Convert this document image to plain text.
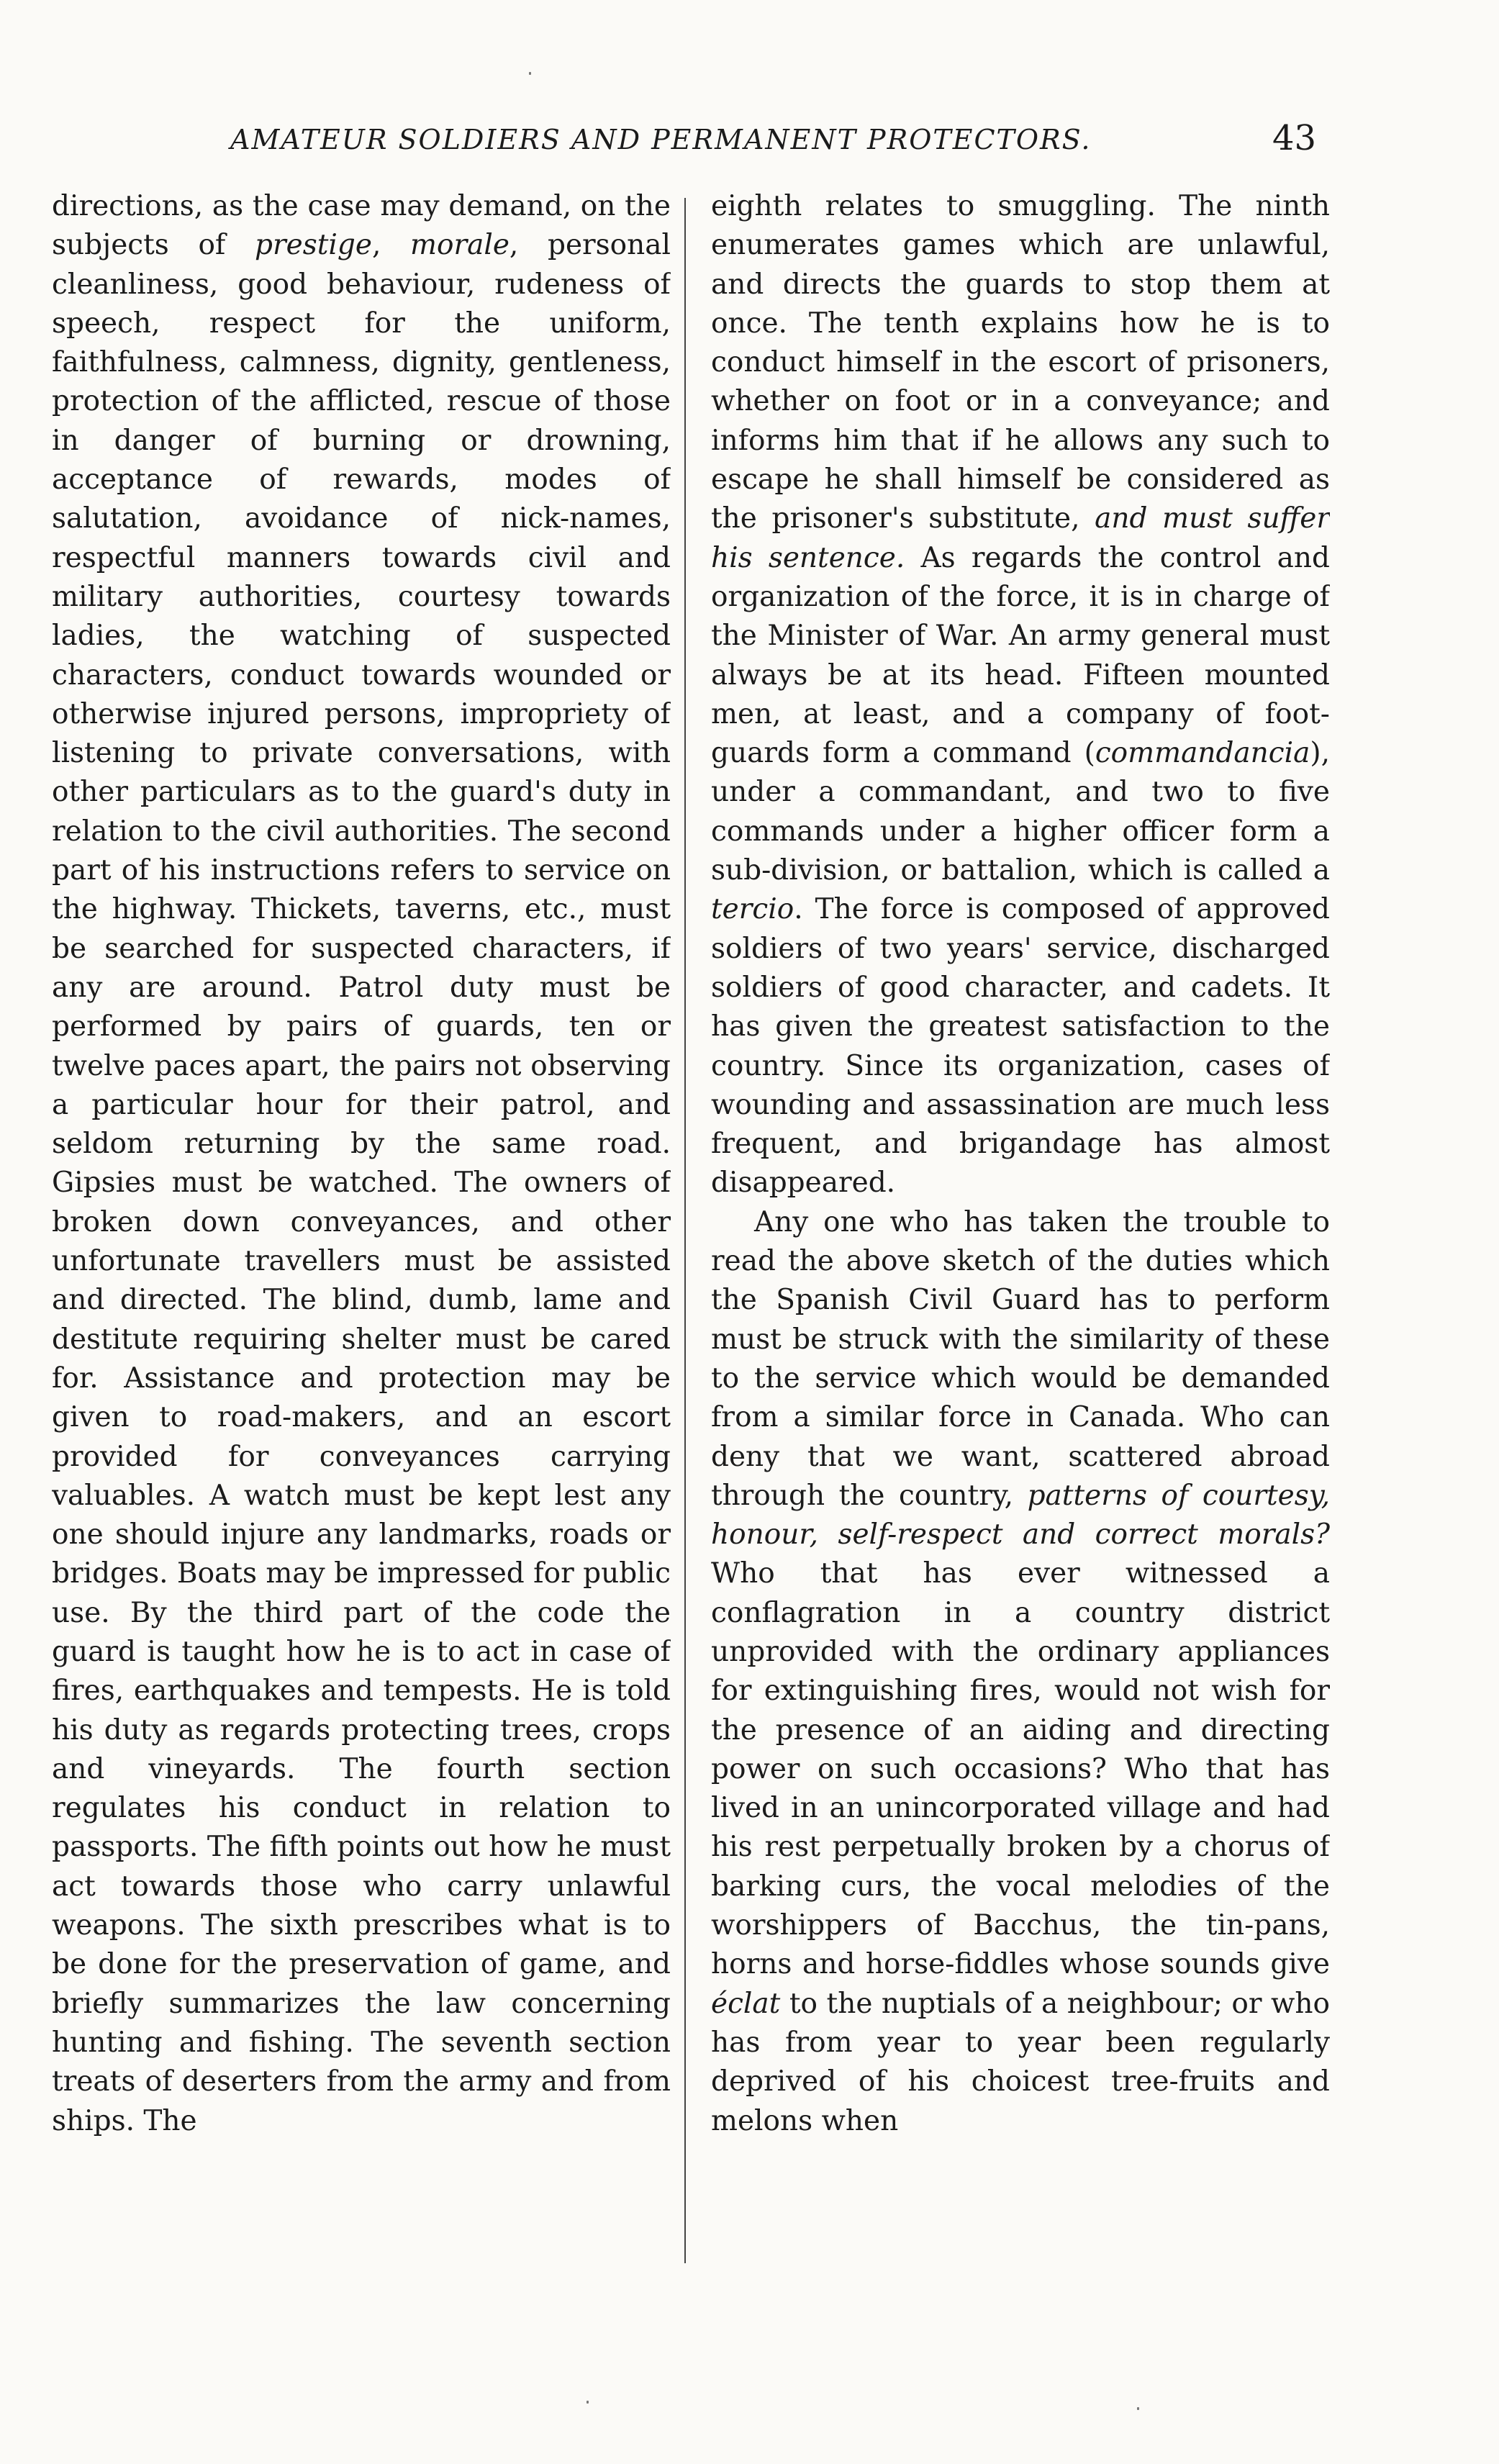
AMATEUR SOLDIERS AND PERMANENT PROTECTORS.	43

directions, as the case may demand, on the subjects of prestige, morale, personal cleanliness, good behaviour, rudeness of speech, respect for the uniform, faithfulness, calmness, dignity, gentleness, protection of the afflicted, rescue of those in danger of burning or drowning, acceptance of rewards, modes of salutation, avoidance of nick-names, respectful manners towards civil and military authorities, courtesy towards ladies, the watching of suspected characters, conduct towards wounded or otherwise injured persons, impropriety of listening to private conversations, with other particulars as to the guard's duty in relation to the civil authorities. The second part of his instructions refers to service on the highway. Thickets, taverns, etc., must be searched for suspected characters, if any are around. Patrol duty must be performed by pairs of guards, ten or twelve paces apart, the pairs not observing a particular hour for their patrol, and seldom returning by the same road. Gipsies must be watched. The owners of broken down conveyances, and other unfortunate travellers must be assisted and directed. The blind, dumb, lame and destitute requiring shelter must be cared for. Assistance and protection may be given to road-makers, and an escort provided for conveyances carrying valuables. A watch must be kept lest any one should injure any landmarks, roads or bridges. Boats may be impressed for public use. By the third part of the code the guard is taught how he is to act in case of fires, earthquakes and tempests. He is told his duty as regards protecting trees, crops and vineyards. The fourth section regulates his conduct in relation to passports. The fifth points out how he must act towards those who carry unlawful weapons. The sixth prescribes what is to be done for the preservation of game, and briefly summarizes the law concerning hunting and fishing. The seventh section treats of deserters from the army and from ships. The

eighth relates to smuggling. The ninth enumerates games which are unlawful, and directs the guards to stop them at once. The tenth explains how he is to conduct himself in the escort of prisoners, whether on foot or in a conveyance; and informs him that if he allows any such to escape he shall himself be considered as the prisoner's substitute, and must suffer his sentence. As regards the control and organization of the force, it is in charge of the Minister of War. An army general must always be at its head. Fifteen mounted men, at least, and a company of foot-guards form a command (commandancia), under a commandant, and two to five commands under a higher officer form a sub-division, or battalion, which is called a tercio. The force is composed of approved soldiers of two years' service, discharged soldiers of good character, and cadets. It has given the greatest satisfaction to the country. Since its organization, cases of wounding and assassination are much less frequent, and brigandage has almost disappeared.

Any one who has taken the trouble to read the above sketch of the duties which the Spanish Civil Guard has to perform must be struck with the similarity of these to the service which would be demanded from a similar force in Canada. Who can deny that we want, scattered abroad through the country, patterns of courtesy, honour, self-respect and correct morals? Who that has ever witnessed a conflagration in a country district unprovided with the ordinary appliances for extinguishing fires, would not wish for the presence of an aiding and directing power on such occasions? Who that has lived in an unincorporated village and had his rest perpetually broken by a chorus of barking curs, the vocal melodies of the worshippers of Bacchus, the tin-pans, horns and horse-fiddles whose sounds give éclat to the nuptials of a neighbour; or who has from year to year been regularly deprived of his choicest tree-fruits and melons when
